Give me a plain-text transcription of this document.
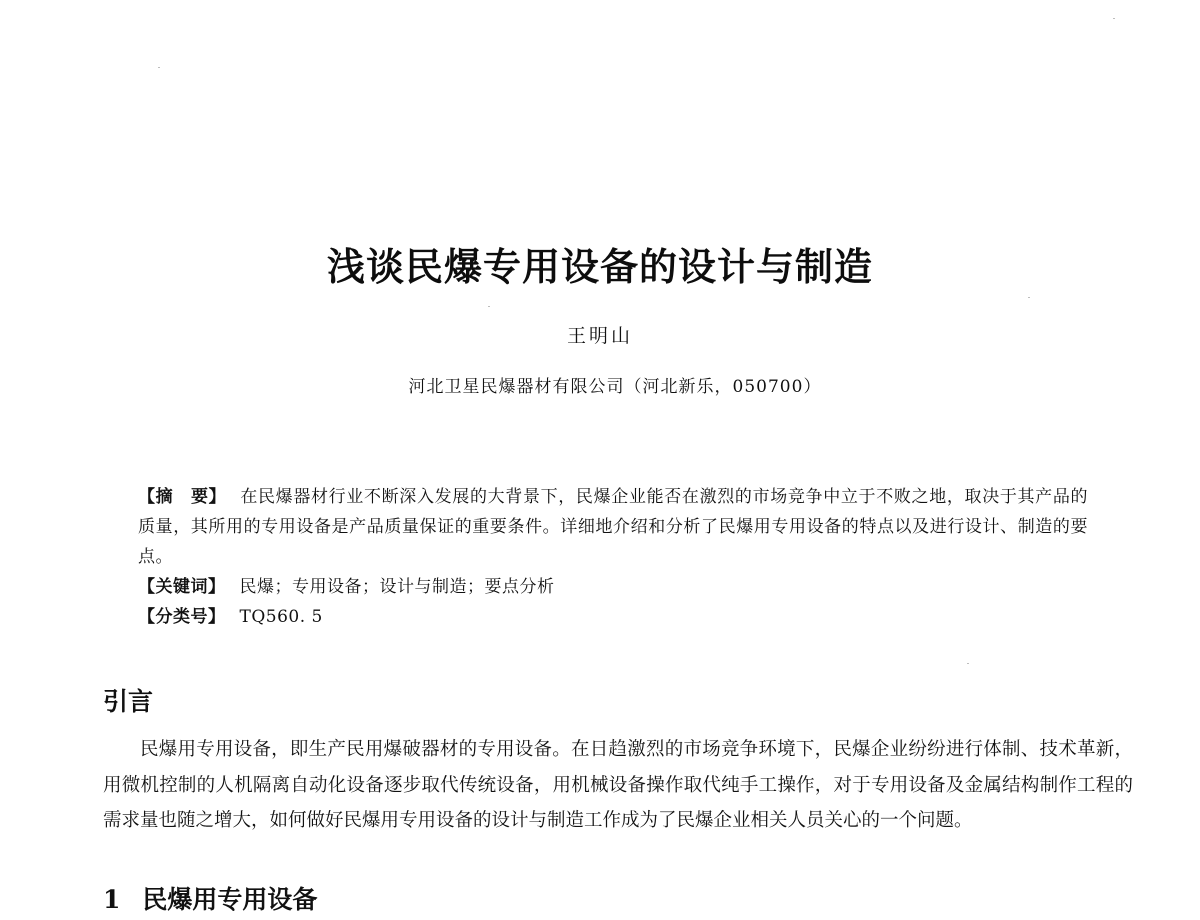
浅谈民爆专用设备的设计与制造
王明山
河北卫星民爆器材有限公司（河北新乐，050700）

【摘　要】 在民爆器材行业不断深入发展的大背景下，民爆企业能否在激烈的市场竞争中立于不败之地，取决于其产品的质量，其所用的专用设备是产品质量保证的重要条件。详细地介绍和分析了民爆用专用设备的特点以及进行设计、制造的要点。

【关键词】 民爆；专用设备；设计与制造；要点分析

【分类号】 TQ560. 5

引言

民爆用专用设备，即生产民用爆破器材的专用设备。在日趋激烈的市场竞争环境下，民爆企业纷纷进行体制、技术革新，用微机控制的人机隔离自动化设备逐步取代传统设备，用机械设备操作取代纯手工操作，对于专用设备及金属结构制作工程的需求量也随之增大，如何做好民爆用专用设备的设计与制造工作成为了民爆企业相关人员关心的一个问题。

1 民爆用专用设备
